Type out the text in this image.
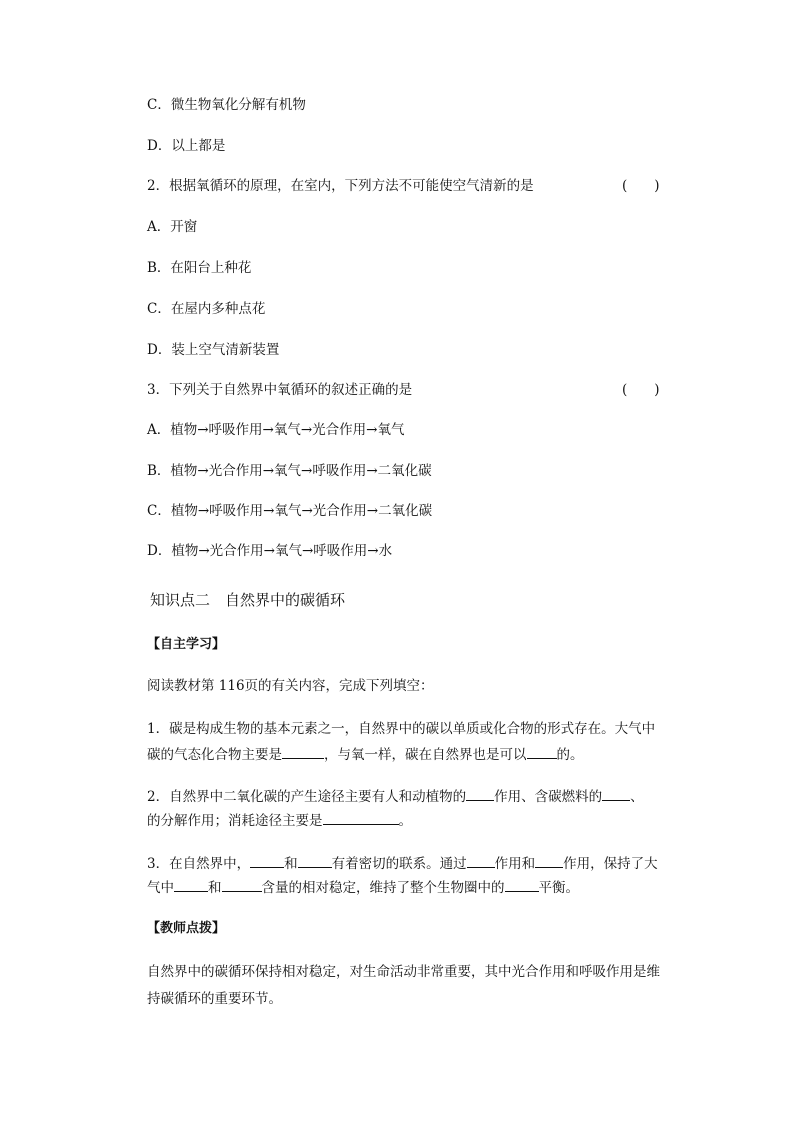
C．微生物氧化分解有机物
D．以上都是
2．根据氧循环的原理，在室内，下列方法不可能使空气清新的是	(　　)
A．开窗
B．在阳台上种花
C．在屋内多种点花
D．装上空气清新装置
3．下列关于自然界中氧循环的叙述正确的是	(　　)
A．植物→呼吸作用→氧气→光合作用→氧气
B．植物→光合作用→氧气→呼吸作用→二氧化碳
C．植物→呼吸作用→氧气→光合作用→二氧化碳
D．植物→光合作用→氧气→呼吸作用→水
知识点二　自然界中的碳循环
【自主学习】
阅读教材第 116页的有关内容，完成下列填空：
1．碳是构成生物的基本元素之一，自然界中的碳以单质或化合物的形式存在。大气中
碳的气态化合物主要是	，与氧一样，碳在自然界也是可以 的。
2．自然界中二氧化碳的产生途径主要有人和动植物的 作用、含碳燃料的 、
的分解作用；消耗途径主要是	。
3．在自然界中，	和	有着密切的联系。通过 作用和 作用，保持了大
气中	和	含量的相对稳定，维持了整个生物圈中的	平衡。
【教师点拨】
自然界中的碳循环保持相对稳定，对生命活动非常重要，其中光合作用和呼吸作用是维
持碳循环的重要环节。
